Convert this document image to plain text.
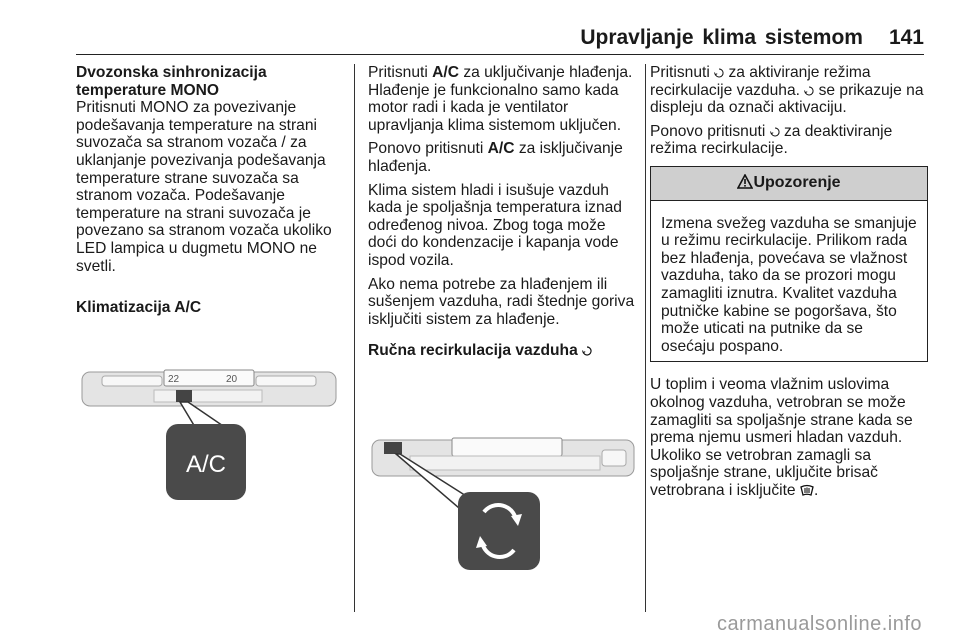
Upravljanje klima sistemom 141

Dvozonska sinhronizacija

temperature MONO

Pritisnuti MONO za povezivanje podešavanja temperature na strani suvozača sa stranom vozača / za uklanjanje povezivanja podešavanja temperature strane suvozača sa stranom vozača. Podešavanje temperature na strani suvozača je povezano sa stranom vozača ukoliko LED lampica u dugmetu MONO ne svetli.

Klimatizacija A/C

22	20
A/C

Pritisnuti A/C za uključivanje hlađenja. Hlađenje je funkcionalno samo kada motor radi i kada je ventilator upravljanja klima sistemom uključen.

Ponovo pritisnuti A/C za isključivanje hlađenja.

Klima sistem hladi i isušuje vazduh kada je spoljašnja temperatura iznad određenog nivoa. Zbog toga može doći do kondenzacije i kapanja vode ispod vozila.

Ako nema potrebe za hlađenjem ili sušenjem vazduha, radi štednje goriva isključiti sistem za hlađenje.

Ručna recirkulacija vazduha

Pritisnuti  za aktiviranje režima recirkulacije vazduha.  se prikazuje na displeju da označi aktivaciju.

Ponovo pritisnuti  za deaktiviranje režima recirkulacije.

Upozorenje
Izmena svežeg vazduha se smanjuje u režimu recirkulacije. Prilikom rada bez hlađenja, povećava se vlažnost vazduha, tako da se prozori mogu zamagliti iznutra. Kvalitet vazduha putničke kabine se pogoršava, što može uticati na putnike da se osećaju pospano.

U toplim i veoma vlažnim uslovima okolnog vazduha, vetrobran se može zamagliti sa spoljašnje strane kada se prema njemu usmeri hladan vazduh. Ukoliko se vetrobran zamagli sa spoljašnje strane, uključite brisač vetrobrana i isključite .

carmanualsonline.info
